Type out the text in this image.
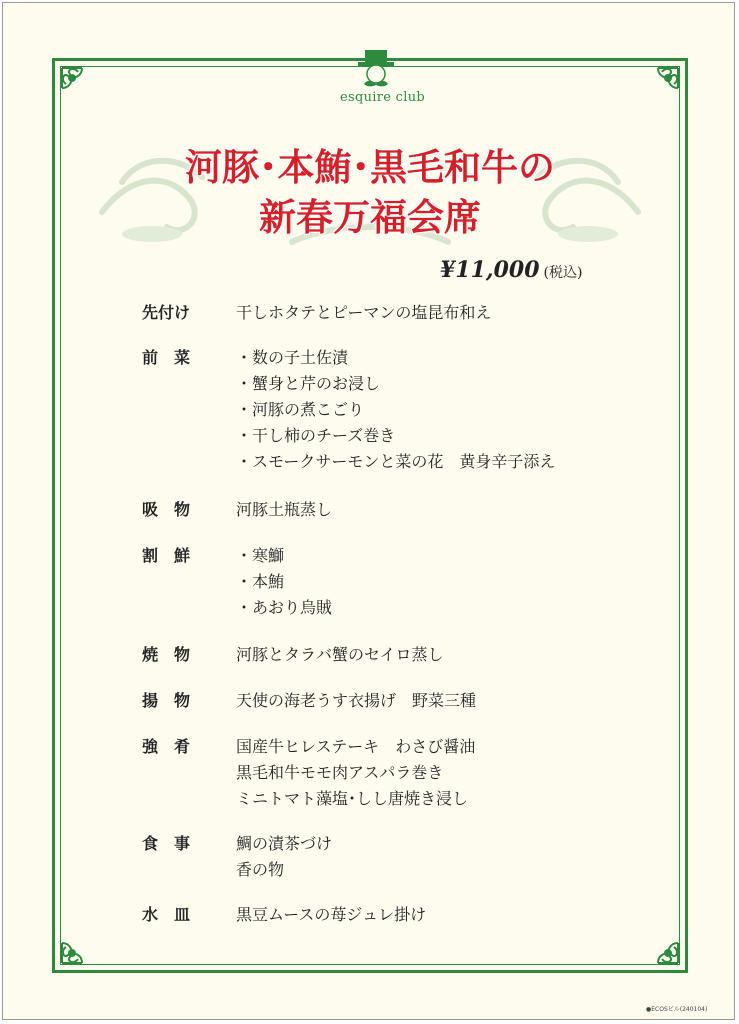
esquire club
河豚･本鮪･黒毛和牛の
新春万福会席
¥11,000 (税込)
先付け	干しホタテとピーマンの塩昆布和え
前　菜	・数の子土佐漬
・蟹身と芹のお浸し
・河豚の煮こごり
・干し柿のチーズ巻き
・スモークサーモンと菜の花　黄身辛子添え
吸　物	河豚土瓶蒸し
割　鮮	・寒鰤
・本鮪
・あおり烏賊
焼　物	河豚とタラバ蟹のセイロ蒸し
揚　物	天使の海老うす衣揚げ　野菜三種
強　肴	国産牛ヒレステーキ　わさび醤油
黒毛和牛モモ肉アスパラ巻き
ミニトマト藻塩･しし唐焼き浸し
食　事	鯛の漬茶づけ
香の物
水　皿	黒豆ムースの苺ジュレ掛け
●ECOSビル(240104)
